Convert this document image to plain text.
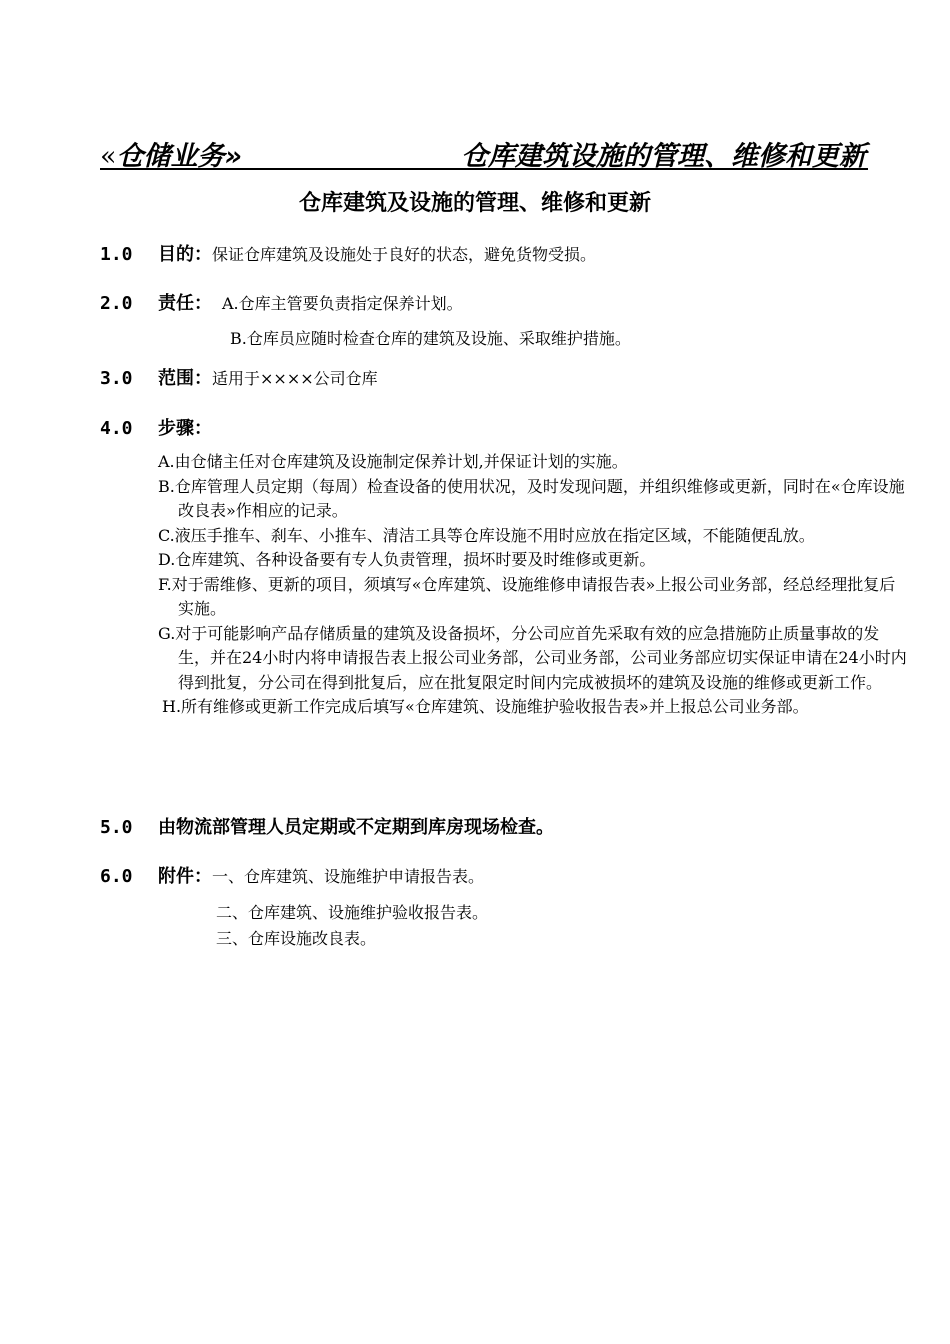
«仓储业务»	仓库建筑设施的管理、维修和更新
仓库建筑及设施的管理、维修和更新
1.0 目的：保证仓库建筑及设施处于良好的状态，避免货物受损。
2.0 责任： A.仓库主管要负责指定保养计划。
B.仓库员应随时检查仓库的建筑及设施、采取维护措施。
3.0 范围：适用于××××公司仓库
4.0 步骤：
A.由仓储主任对仓库建筑及设施制定保养计划,并保证计划的实施。
B.仓库管理人员定期（每周）检查设备的使用状况，及时发现问题，并组织维修或更新，同时在«仓库设施改良表»作相应的记录。
C.液压手推车、刹车、小推车、清洁工具等仓库设施不用时应放在指定区域，不能随便乱放。
D.仓库建筑、各种设备要有专人负责管理，损坏时要及时维修或更新。
F.对于需维修、更新的项目，须填写«仓库建筑、设施维修申请报告表»上报公司业务部，经总经理批复后实施。
G.对于可能影响产品存储质量的建筑及设备损坏，分公司应首先采取有效的应急措施防止质量事故的发生，并在24小时内将申请报告表上报公司业务部，公司业务部，公司业务部应切实保证申请在24小时内得到批复，分公司在得到批复后，应在批复限定时间内完成被损坏的建筑及设施的维修或更新工作。
H.所有维修或更新工作完成后填写«仓库建筑、设施维护验收报告表»并上报总公司业务部。
5.0 由物流部管理人员定期或不定期到库房现场检查。
6.0 附件：一、仓库建筑、设施维护申请报告表。
二、仓库建筑、设施维护验收报告表。
三、仓库设施改良表。
